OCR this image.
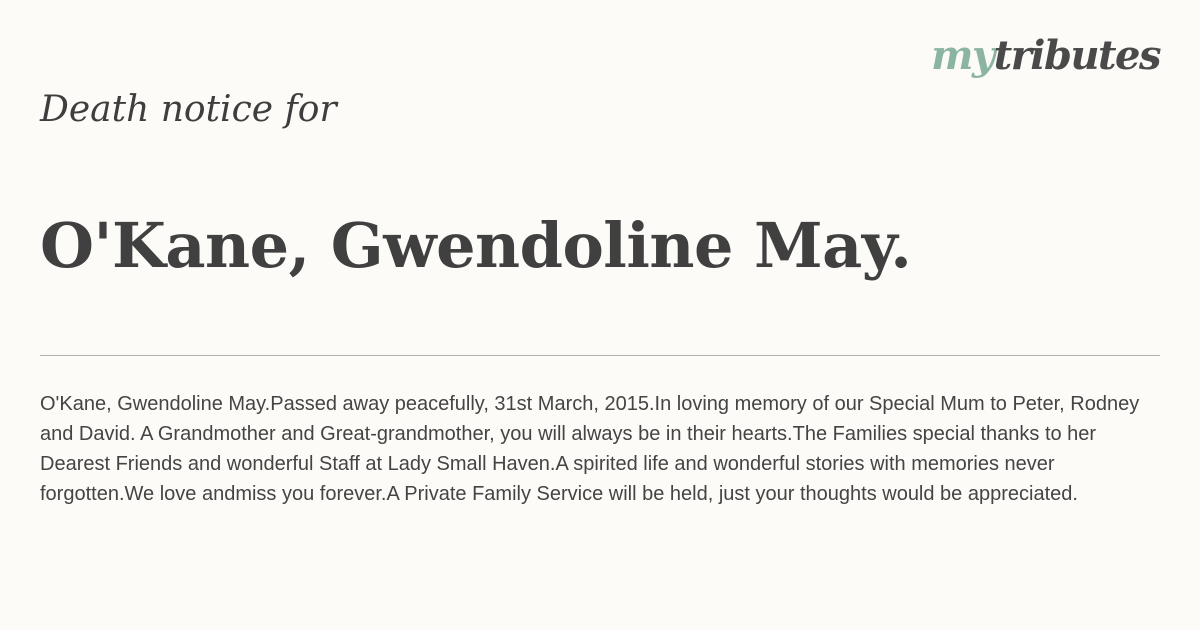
mytributes
Death notice for
O'Kane, Gwendoline May.
O'Kane, Gwendoline May.Passed away peacefully, 31st March, 2015.In loving memory of our Special Mum to Peter, Rodney and David. A Grandmother and Great-grandmother, you will always be in their hearts.The Families special thanks to her Dearest Friends and wonderful Staff at Lady Small Haven.A spirited life and wonderful stories with memories never forgotten.We love andmiss you forever.A Private Family Service will be held, just your thoughts would be appreciated.
